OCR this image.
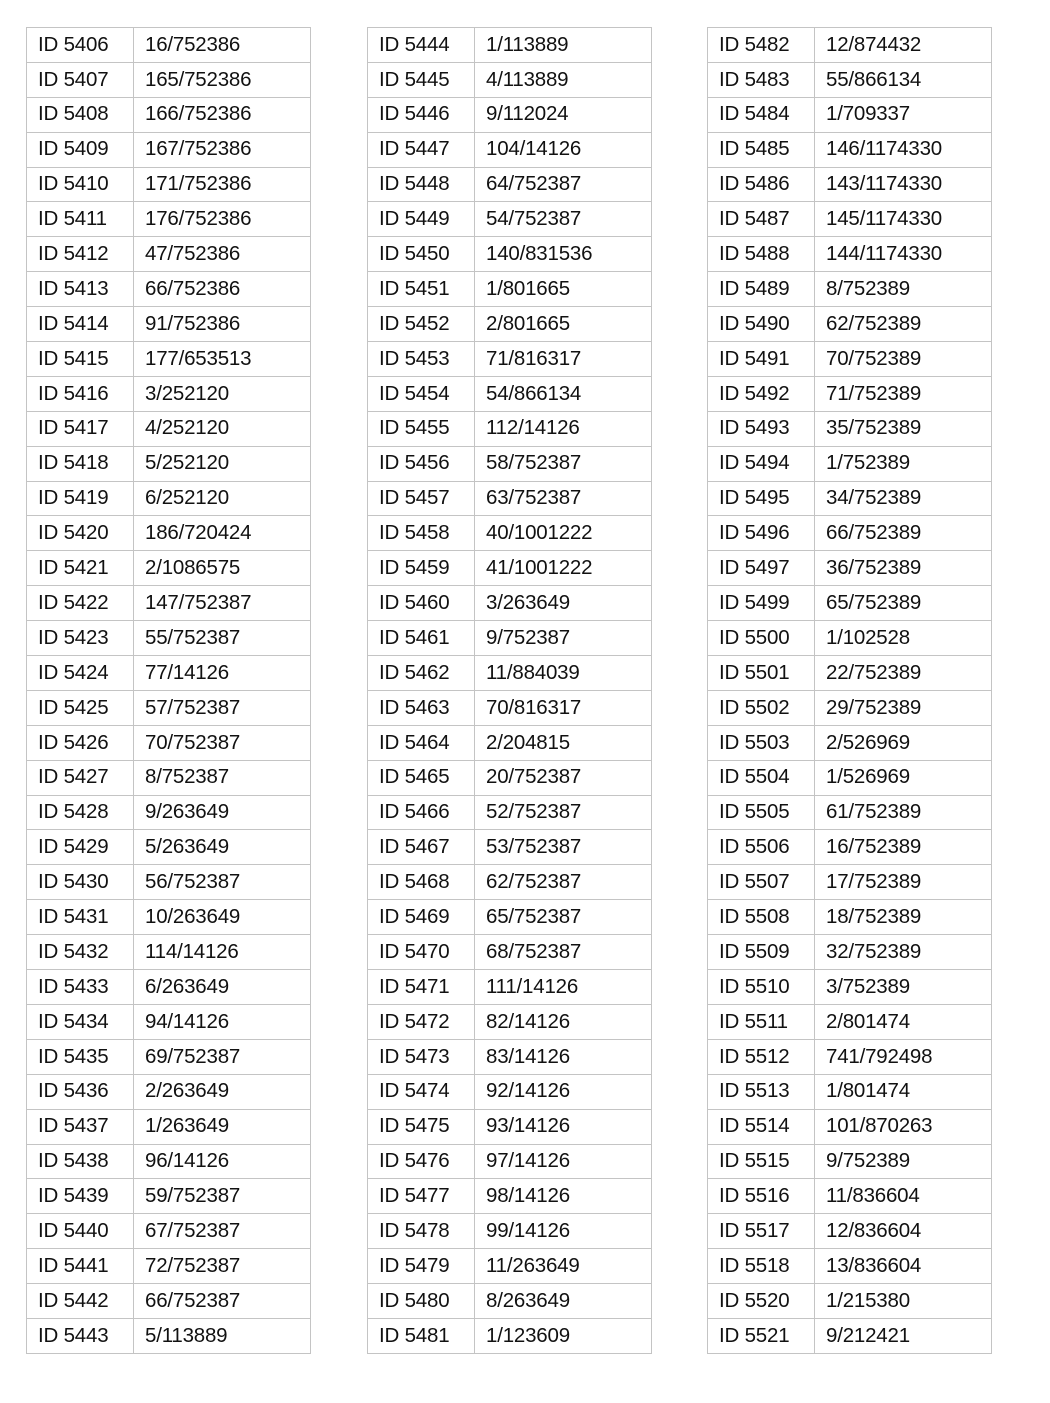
ID 5406	16/752386
ID 5407	165/752386
ID 5408	166/752386
ID 5409	167/752386
ID 5410	171/752386
ID 5411	176/752386
ID 5412	47/752386
ID 5413	66/752386
ID 5414	91/752386
ID 5415	177/653513
ID 5416	3/252120
ID 5417	4/252120
ID 5418	5/252120
ID 5419	6/252120
ID 5420	186/720424
ID 5421	2/1086575
ID 5422	147/752387
ID 5423	55/752387
ID 5424	77/14126
ID 5425	57/752387
ID 5426	70/752387
ID 5427	8/752387
ID 5428	9/263649
ID 5429	5/263649
ID 5430	56/752387
ID 5431	10/263649
ID 5432	114/14126
ID 5433	6/263649
ID 5434	94/14126
ID 5435	69/752387
ID 5436	2/263649
ID 5437	1/263649
ID 5438	96/14126
ID 5439	59/752387
ID 5440	67/752387
ID 5441	72/752387
ID 5442	66/752387
ID 5443	5/113889
ID 5444	1/113889
ID 5445	4/113889
ID 5446	9/112024
ID 5447	104/14126
ID 5448	64/752387
ID 5449	54/752387
ID 5450	140/831536
ID 5451	1/801665
ID 5452	2/801665
ID 5453	71/816317
ID 5454	54/866134
ID 5455	112/14126
ID 5456	58/752387
ID 5457	63/752387
ID 5458	40/1001222
ID 5459	41/1001222
ID 5460	3/263649
ID 5461	9/752387
ID 5462	11/884039
ID 5463	70/816317
ID 5464	2/204815
ID 5465	20/752387
ID 5466	52/752387
ID 5467	53/752387
ID 5468	62/752387
ID 5469	65/752387
ID 5470	68/752387
ID 5471	111/14126
ID 5472	82/14126
ID 5473	83/14126
ID 5474	92/14126
ID 5475	93/14126
ID 5476	97/14126
ID 5477	98/14126
ID 5478	99/14126
ID 5479	11/263649
ID 5480	8/263649
ID 5481	1/123609
ID 5482	12/874432
ID 5483	55/866134
ID 5484	1/709337
ID 5485	146/1174330
ID 5486	143/1174330
ID 5487	145/1174330
ID 5488	144/1174330
ID 5489	8/752389
ID 5490	62/752389
ID 5491	70/752389
ID 5492	71/752389
ID 5493	35/752389
ID 5494	1/752389
ID 5495	34/752389
ID 5496	66/752389
ID 5497	36/752389
ID 5499	65/752389
ID 5500	1/102528
ID 5501	22/752389
ID 5502	29/752389
ID 5503	2/526969
ID 5504	1/526969
ID 5505	61/752389
ID 5506	16/752389
ID 5507	17/752389
ID 5508	18/752389
ID 5509	32/752389
ID 5510	3/752389
ID 5511	2/801474
ID 5512	741/792498
ID 5513	1/801474
ID 5514	101/870263
ID 5515	9/752389
ID 5516	11/836604
ID 5517	12/836604
ID 5518	13/836604
ID 5520	1/215380
ID 5521	9/212421
